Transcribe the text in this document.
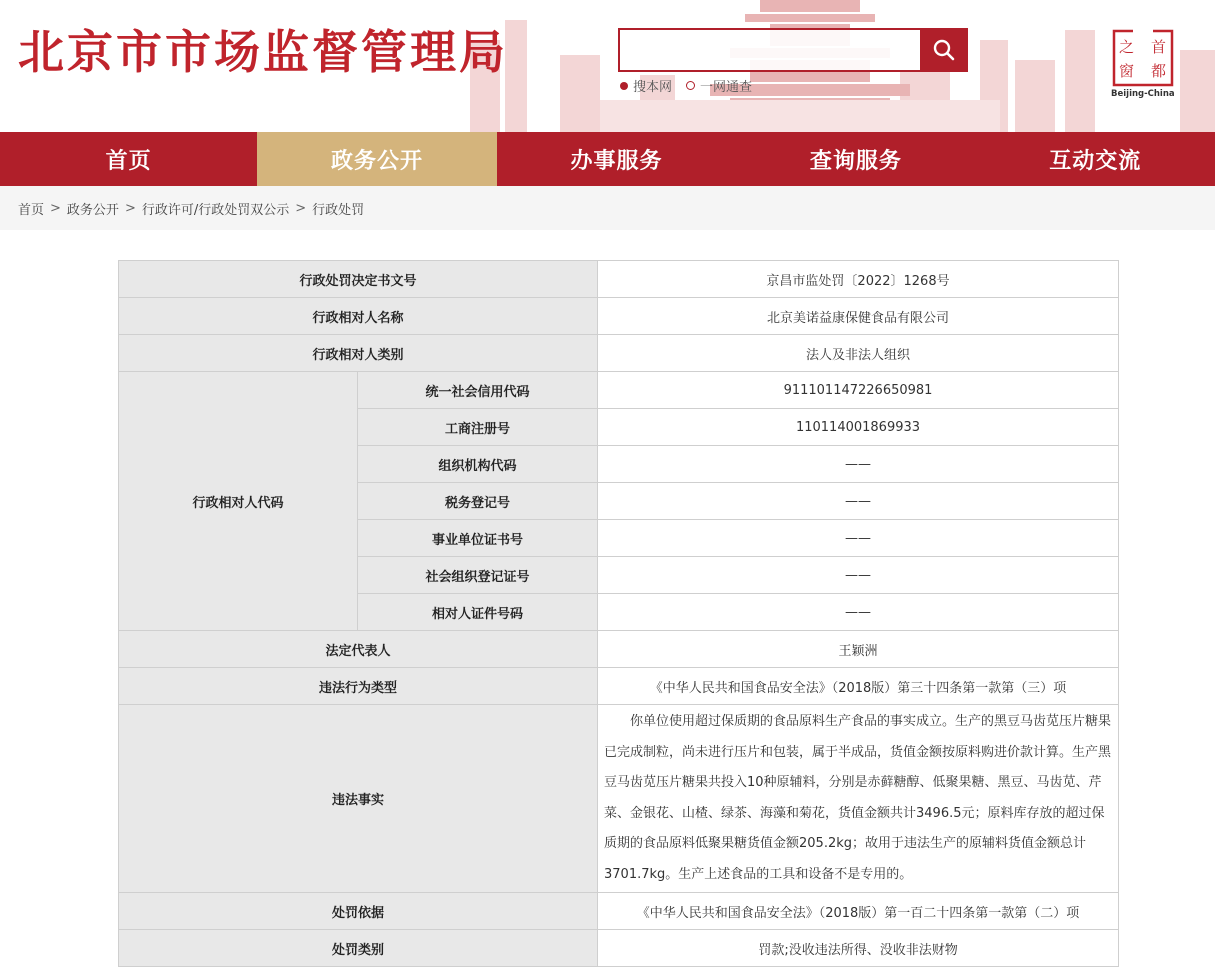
北京市市场监督管理局
搜本网 一网通查
首
都
之
窗
Beijing-China
首页	政务公开	办事服务	查询服务	互动交流
首页 > 政务公开 > 行政许可/行政处罚双公示 > 行政处罚
行政处罚决定书文号		京昌市监处罚〔2022〕1268号
行政相对人名称		北京美诺益康保健食品有限公司
行政相对人类别		法人及非法人组织
行政相对人代码	统一社会信用代码	911101147226650981
	工商注册号	110114001869933
	组织机构代码	——
	税务登记号	——
	事业单位证书号	——
	社会组织登记证号	——
	相对人证件号码	——
法定代表人		王颖洲
违法行为类型		《中华人民共和国食品安全法》（2018版）第三十四条第一款第（三）项
违法事实		你单位使用超过保质期的食品原料生产食品的事实成立。生产的黑豆马齿苋压片糖果已完成制粒，尚未进行压片和包装，属于半成品，货值金额按原料购进价款计算。生产黑豆马齿苋压片糖果共投入10种原辅料，分别是赤藓糖醇、低聚果糖、黑豆、马齿苋、芹菜、金银花、山楂、绿茶、海藻和菊花，货值金额共计3496.5元；原料库存放的超过保质期的食品原料低聚果糖货值金额205.2kg；故用于违法生产的原辅料货值金额总计3701.7kg。生产上述食品的工具和设备不是专用的。
处罚依据		《中华人民共和国食品安全法》（2018版）第一百二十四条第一款第（二）项
处罚类别		罚款;没收违法所得、没收非法财物
